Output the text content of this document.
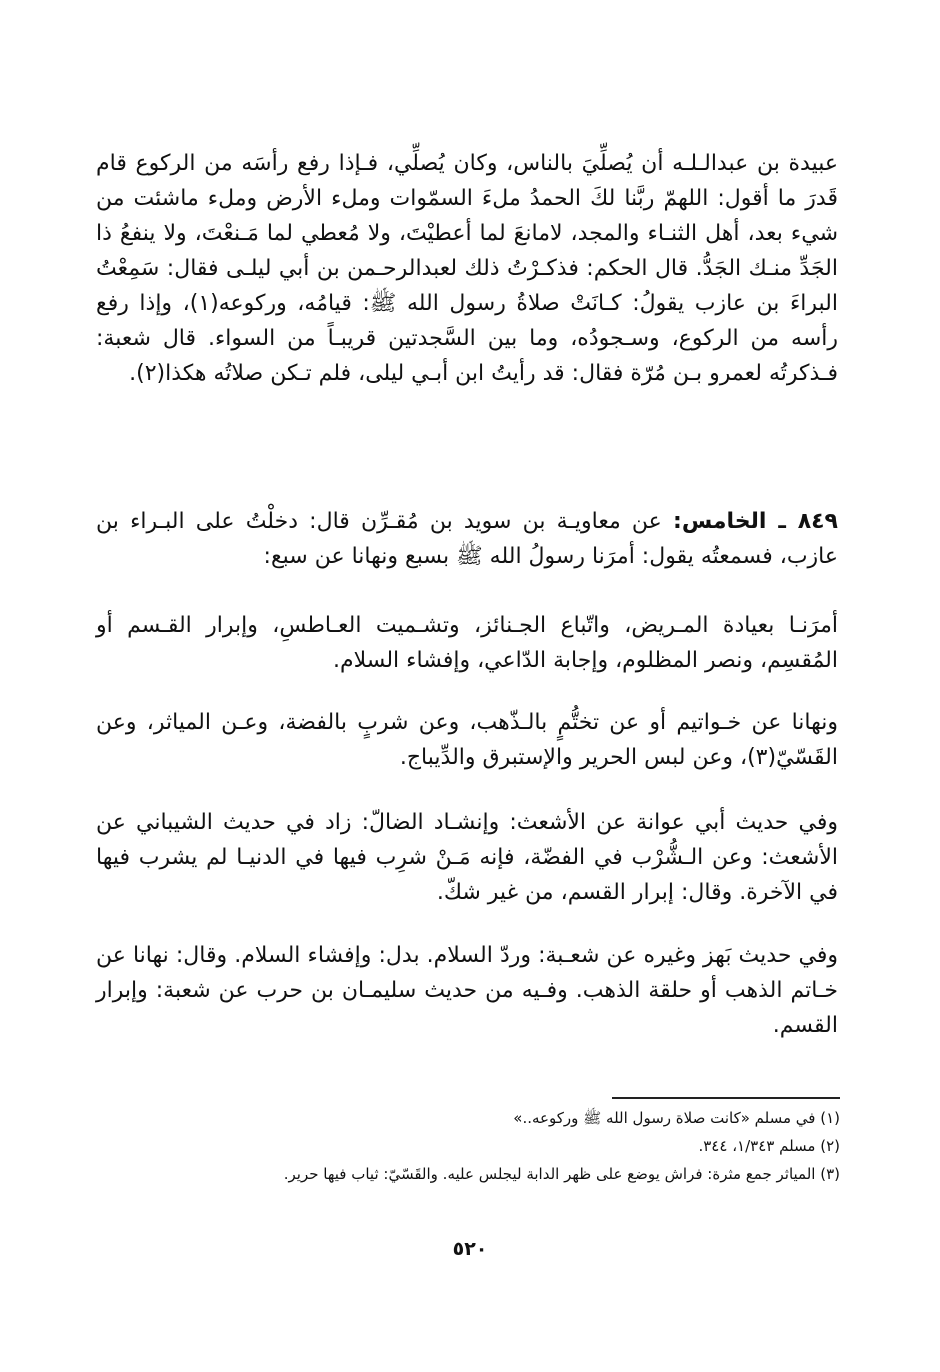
عبيدة بن عبدالـلـه أن يُصلِّيَ بالناس، وكان يُصلِّي، فـإذا رفع رأسَه من الركوع قام قَدرَ ما أقول: اللهمّ ربَّنا لكَ الحمدُ ملءَ السمّوات وملء الأرض وملء ماشئت من شيء بعد، أهل الثنـاء والمجد، لامانعَ لما أعطيْتَ، ولا مُعطي لما مَـنعْتَ، ولا ينفعُ ذا الجَدِّ منـك الجَدُّ. قال الحكم: فذكـرْتُ ذلك لعبدالرحـمن بن أبي ليلـى فقال: سَمِعْتُ البراءَ بن عازب يقولُ: كـانَتْ صلاةُ رسول الله ﷺ: قيامُه، وركوعه(١)، وإذا رفع رأسه من الركوع، وسـجودُه، وما بين السَّجدتين قريبـاً من السواء. قال شعبة: فـذكرتُه لعمرو بـن مُرّة فقال: قد رأيتُ ابن أبـي ليلى، فلم تـكن صلاتُه هكذا(٢).

٨٤٩ ـ الخامس: عن معاويـة بن سويد بن مُقـرِّن قال: دخلْتُ على البـراء بن عازب، فسمعتُه يقول: أمرَنا رسولُ الله ﷺ بسبع ونهانا عن سبع:

أمرَنـا بعيادة المـريض، واتّباع الجـنائز، وتشـميت العـاطسِ، وإبرار القـسم أو المُقسِم، ونصر المظلوم، وإجابة الدّاعي، وإفشاء السلام.

ونهانا عن خـواتيم أو عن تختُّمٍ بالـذّهب، وعن شربٍ بالفضة، وعـن المياثر، وعن القَسّيّ(٣)، وعن لبس الحرير والإستبرق والدِّيباج.

وفي حديث أبي عوانة عن الأشعث: وإنشـاد الضالّ: زاد في حديث الشيباني عن الأشعث: وعن الـشُّرْب في الفضّة، فإنه مَـنْ شرِب فيها في الدنيـا لم يشرب فيها في الآخرة. وقال: إبرار القسم، من غير شكّ.

وفي حديث بَهز وغيره عن شعـبة: وردّ السلام. بدل: وإفشاء السلام. وقال: نهانا عن خـاتم الذهب أو حلقة الذهب. وفـيه من حديث سليمـان بن حرب عن شعبة: وإبرار القسم.

(١) في مسلم «كانت صلاة رسول الله ﷺ وركوعه..»
(٢) مسلم ١/٣٤٣، ٣٤٤.
(٣) المياثر جمع مثرة: فراش يوضع على ظهر الدابة ليجلس عليه. والقَسّيّ: ثياب فيها حرير.
٥٢٠
